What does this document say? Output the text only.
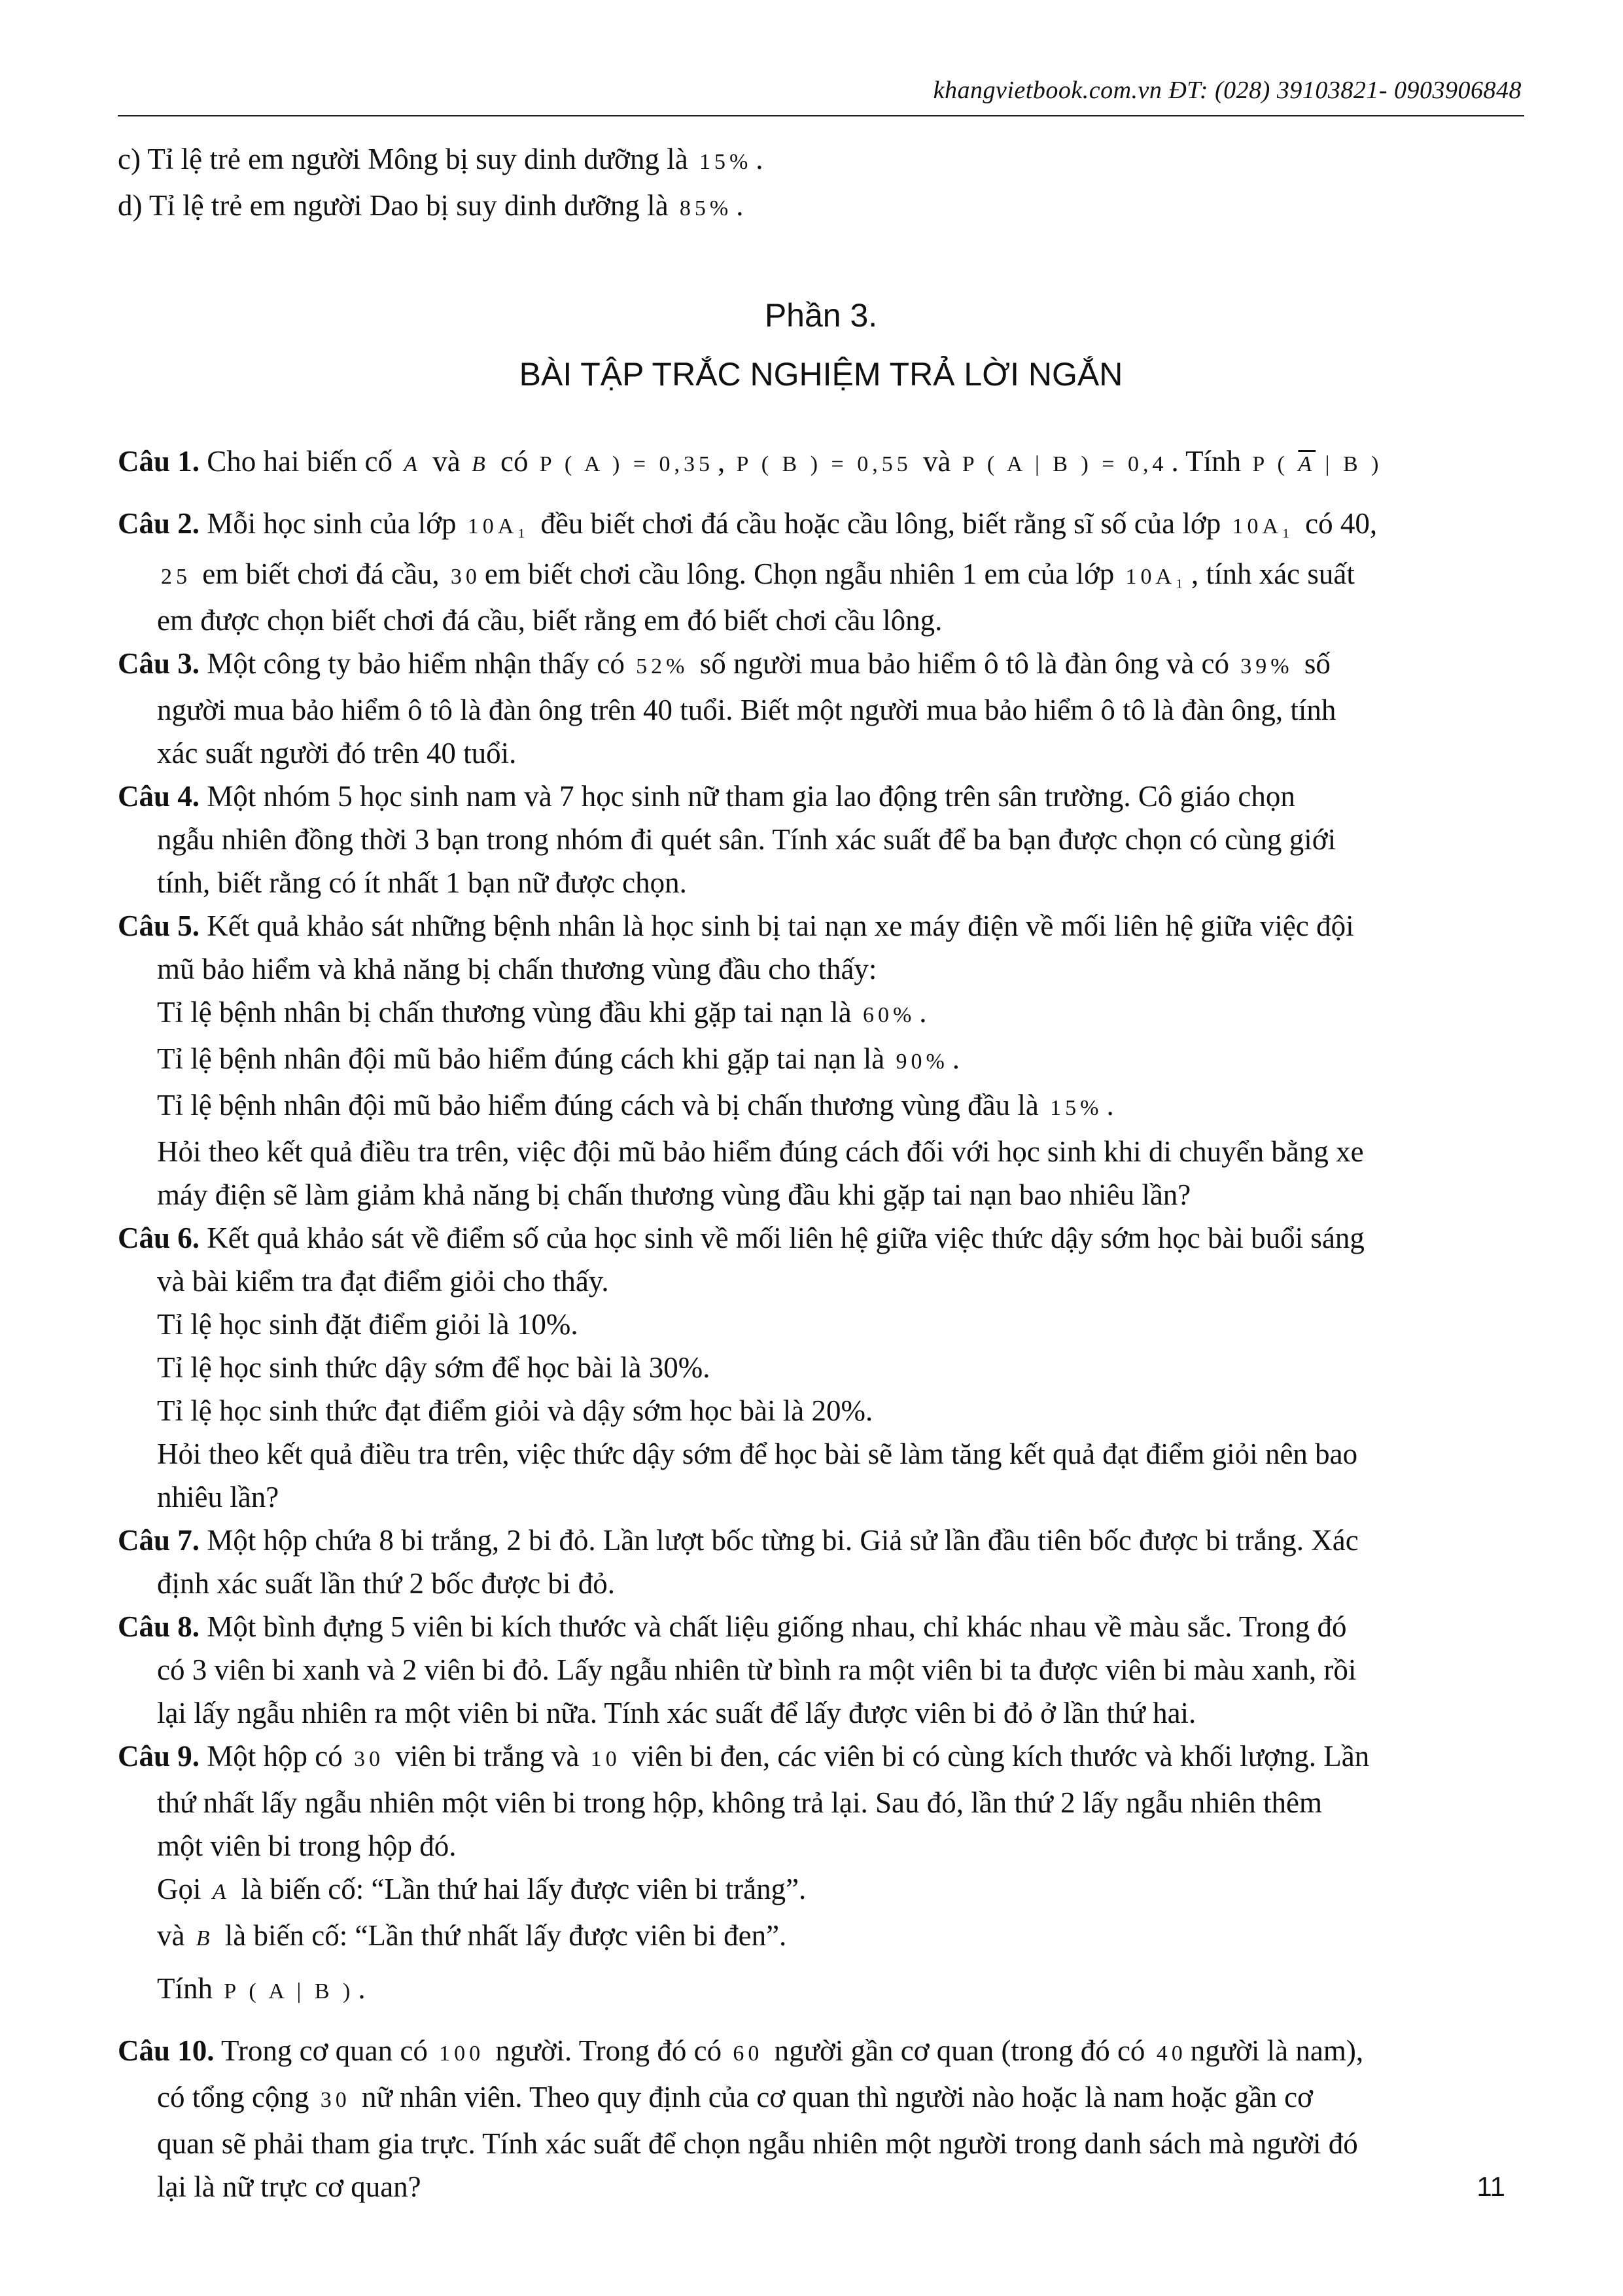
khangvietbook.com.vn ĐT: (028) 39103821- 0903906848
c) Tỉ lệ trẻ em người Mông bị suy dinh dưỡng là 15% .
d) Tỉ lệ trẻ em người Dao bị suy dinh dưỡng là 85% .
Phần 3.
BÀI TẬP TRẮC NGHIỆM TRẢ LỜI NGẮN
Câu 1. Cho hai biến cố A và B có P ( A ) = 0,35 , P ( B ) = 0,55 và P ( A | B ) = 0,4 . Tính P ( $\overline{A}$ | B )
Câu 2. Mỗi học sinh của lớp 10A₁ đều biết chơi đá cầu hoặc cầu lông, biết rằng sĩ số của lớp 10A₁ có 40,
25 em biết chơi đá cầu, 30 em biết chơi cầu lông. Chọn ngẫu nhiên 1 em của lớp 10A₁ , tính xác suất
em được chọn biết chơi đá cầu, biết rằng em đó biết chơi cầu lông.
Câu 3. Một công ty bảo hiểm nhận thấy có 52% số người mua bảo hiểm ô tô là đàn ông và có 39% số
người mua bảo hiểm ô tô là đàn ông trên 40 tuổi. Biết một người mua bảo hiểm ô tô là đàn ông, tính
xác suất người đó trên 40 tuổi.
Câu 4. Một nhóm 5 học sinh nam và 7 học sinh nữ tham gia lao động trên sân trường. Cô giáo chọn
ngẫu nhiên đồng thời 3 bạn trong nhóm đi quét sân. Tính xác suất để ba bạn được chọn có cùng giới
tính, biết rằng có ít nhất 1 bạn nữ được chọn.
Câu 5. Kết quả khảo sát những bệnh nhân là học sinh bị tai nạn xe máy điện về mối liên hệ giữa việc đội
mũ bảo hiểm và khả năng bị chấn thương vùng đầu cho thấy:
Tỉ lệ bệnh nhân bị chấn thương vùng đầu khi gặp tai nạn là 60% .
Tỉ lệ bệnh nhân đội mũ bảo hiểm đúng cách khi gặp tai nạn là 90% .
Tỉ lệ bệnh nhân đội mũ bảo hiểm đúng cách và bị chấn thương vùng đầu là 15% .
Hỏi theo kết quả điều tra trên, việc đội mũ bảo hiểm đúng cách đối với học sinh khi di chuyển bằng xe
máy điện sẽ làm giảm khả năng bị chấn thương vùng đầu khi gặp tai nạn bao nhiêu lần?
Câu 6. Kết quả khảo sát về điểm số của học sinh về mối liên hệ giữa việc thức dậy sớm học bài buổi sáng
và bài kiểm tra đạt điểm giỏi cho thấy.
Tỉ lệ học sinh đặt điểm giỏi là 10%.
Tỉ lệ học sinh thức dậy sớm để học bài là 30%.
Tỉ lệ học sinh thức đạt điểm giỏi và dậy sớm học bài là 20%.
Hỏi theo kết quả điều tra trên, việc thức dậy sớm để học bài sẽ làm tăng kết quả đạt điểm giỏi nên bao
nhiêu lần?
Câu 7. Một hộp chứa 8 bi trắng, 2 bi đỏ. Lần lượt bốc từng bi. Giả sử lần đầu tiên bốc được bi trắng. Xác
định xác suất lần thứ 2 bốc được bi đỏ.
Câu 8. Một bình đựng 5 viên bi kích thước và chất liệu giống nhau, chỉ khác nhau về màu sắc. Trong đó
có 3 viên bi xanh và 2 viên bi đỏ. Lấy ngẫu nhiên từ bình ra một viên bi ta được viên bi màu xanh, rồi
lại lấy ngẫu nhiên ra một viên bi nữa. Tính xác suất để lấy được viên bi đỏ ở lần thứ hai.
Câu 9. Một hộp có 30 viên bi trắng và 10 viên bi đen, các viên bi có cùng kích thước và khối lượng. Lần
thứ nhất lấy ngẫu nhiên một viên bi trong hộp, không trả lại. Sau đó, lần thứ 2 lấy ngẫu nhiên thêm
một viên bi trong hộp đó.
Gọi A là biến cố: “Lần thứ hai lấy được viên bi trắng”.
và B là biến cố: “Lần thứ nhất lấy được viên bi đen”.
Tính P ( A | B ) .
Câu 10. Trong cơ quan có 100 người. Trong đó có 60 người gần cơ quan (trong đó có 40 người là nam),
có tổng cộng 30 nữ nhân viên. Theo quy định của cơ quan thì người nào hoặc là nam hoặc gần cơ
quan sẽ phải tham gia trực. Tính xác suất để chọn ngẫu nhiên một người trong danh sách mà người đó
lại là nữ trực cơ quan?	11
